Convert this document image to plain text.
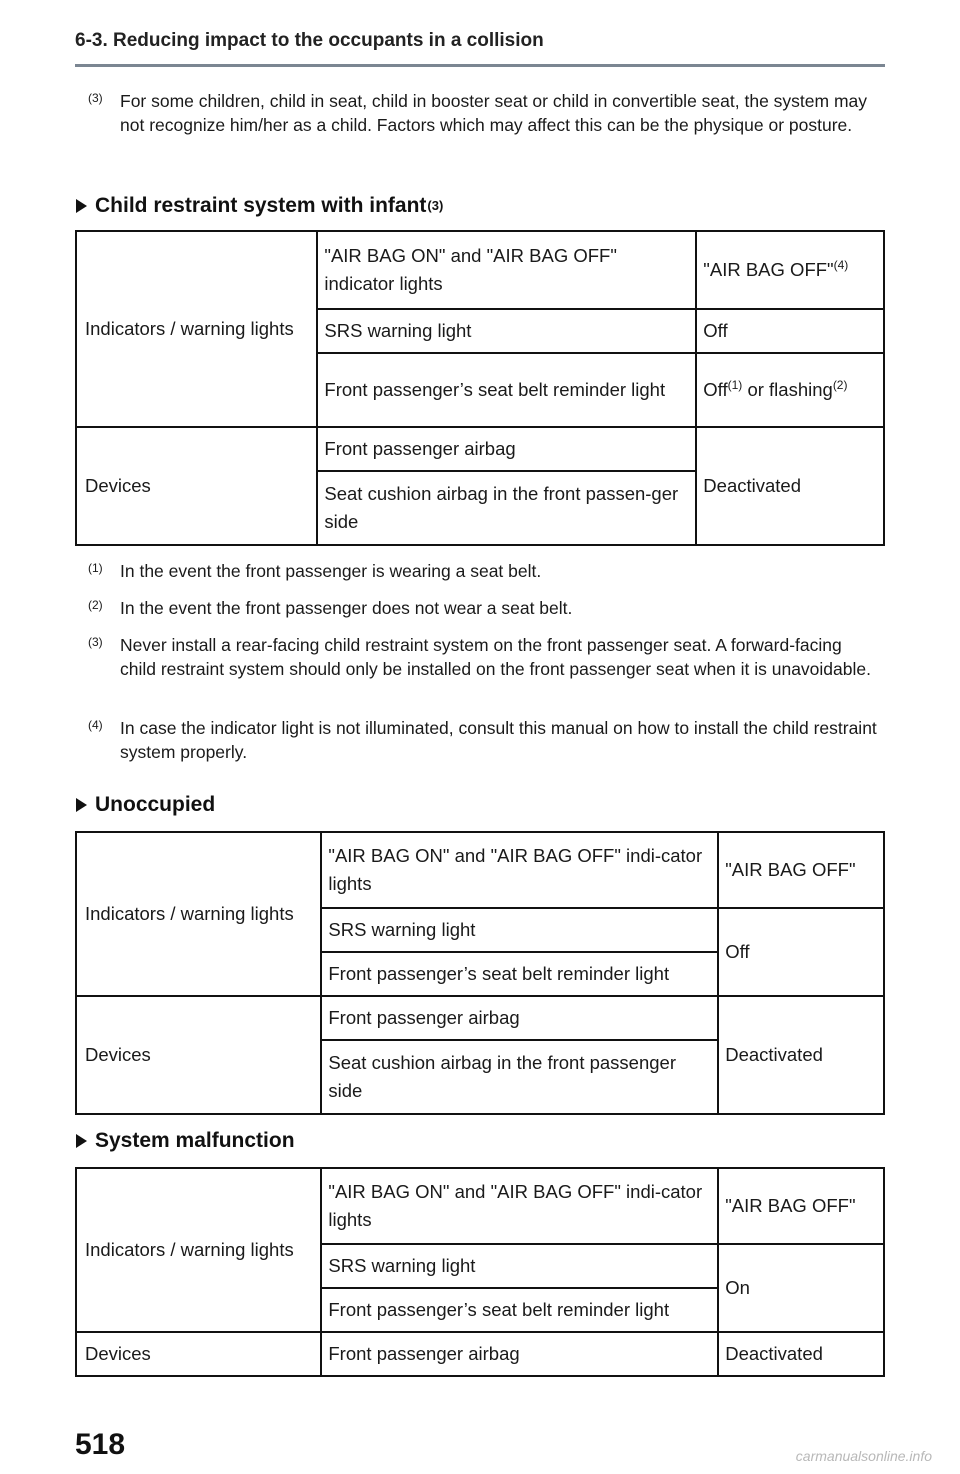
6-3. Reducing impact to the occupants in a collision
(3) For some children, child in seat, child in booster seat or child in convertible seat, the system may not recognize him/her as a child. Factors which may affect this can be the physique or posture.
Child restraint system with infant (3)
Indicators / warning lights	"AIR BAG ON" and "AIR BAG OFF" indicator lights	"AIR BAG OFF"$^{(4)}$
	SRS warning light	Off
	Front passenger’s seat belt reminder light	Off$^{(1)}$ or flashing$^{(2)}$
Devices	Front passenger airbag	Deactivated
	Seat cushion airbag in the front passen-ger side	
(1) In the event the front passenger is wearing a seat belt.
(2) In the event the front passenger does not wear a seat belt.
(3) Never install a rear-facing child restraint system on the front passenger seat. A forward-facing child restraint system should only be installed on the front passenger seat when it is unavoidable.
(4) In case the indicator light is not illuminated, consult this manual on how to install the child restraint system properly.
Unoccupied
Indicators / warning lights	"AIR BAG ON" and "AIR BAG OFF" indi-cator lights	"AIR BAG OFF"
	SRS warning light	Off
	Front passenger’s seat belt reminder light	
Devices	Front passenger airbag	Deactivated
	Seat cushion airbag in the front passenger side	
System malfunction
Indicators / warning lights	"AIR BAG ON" and "AIR BAG OFF" indi-cator lights	"AIR BAG OFF"
	SRS warning light	On
	Front passenger’s seat belt reminder light	
Devices	Front passenger airbag	Deactivated
518	carmanualsonline.info
